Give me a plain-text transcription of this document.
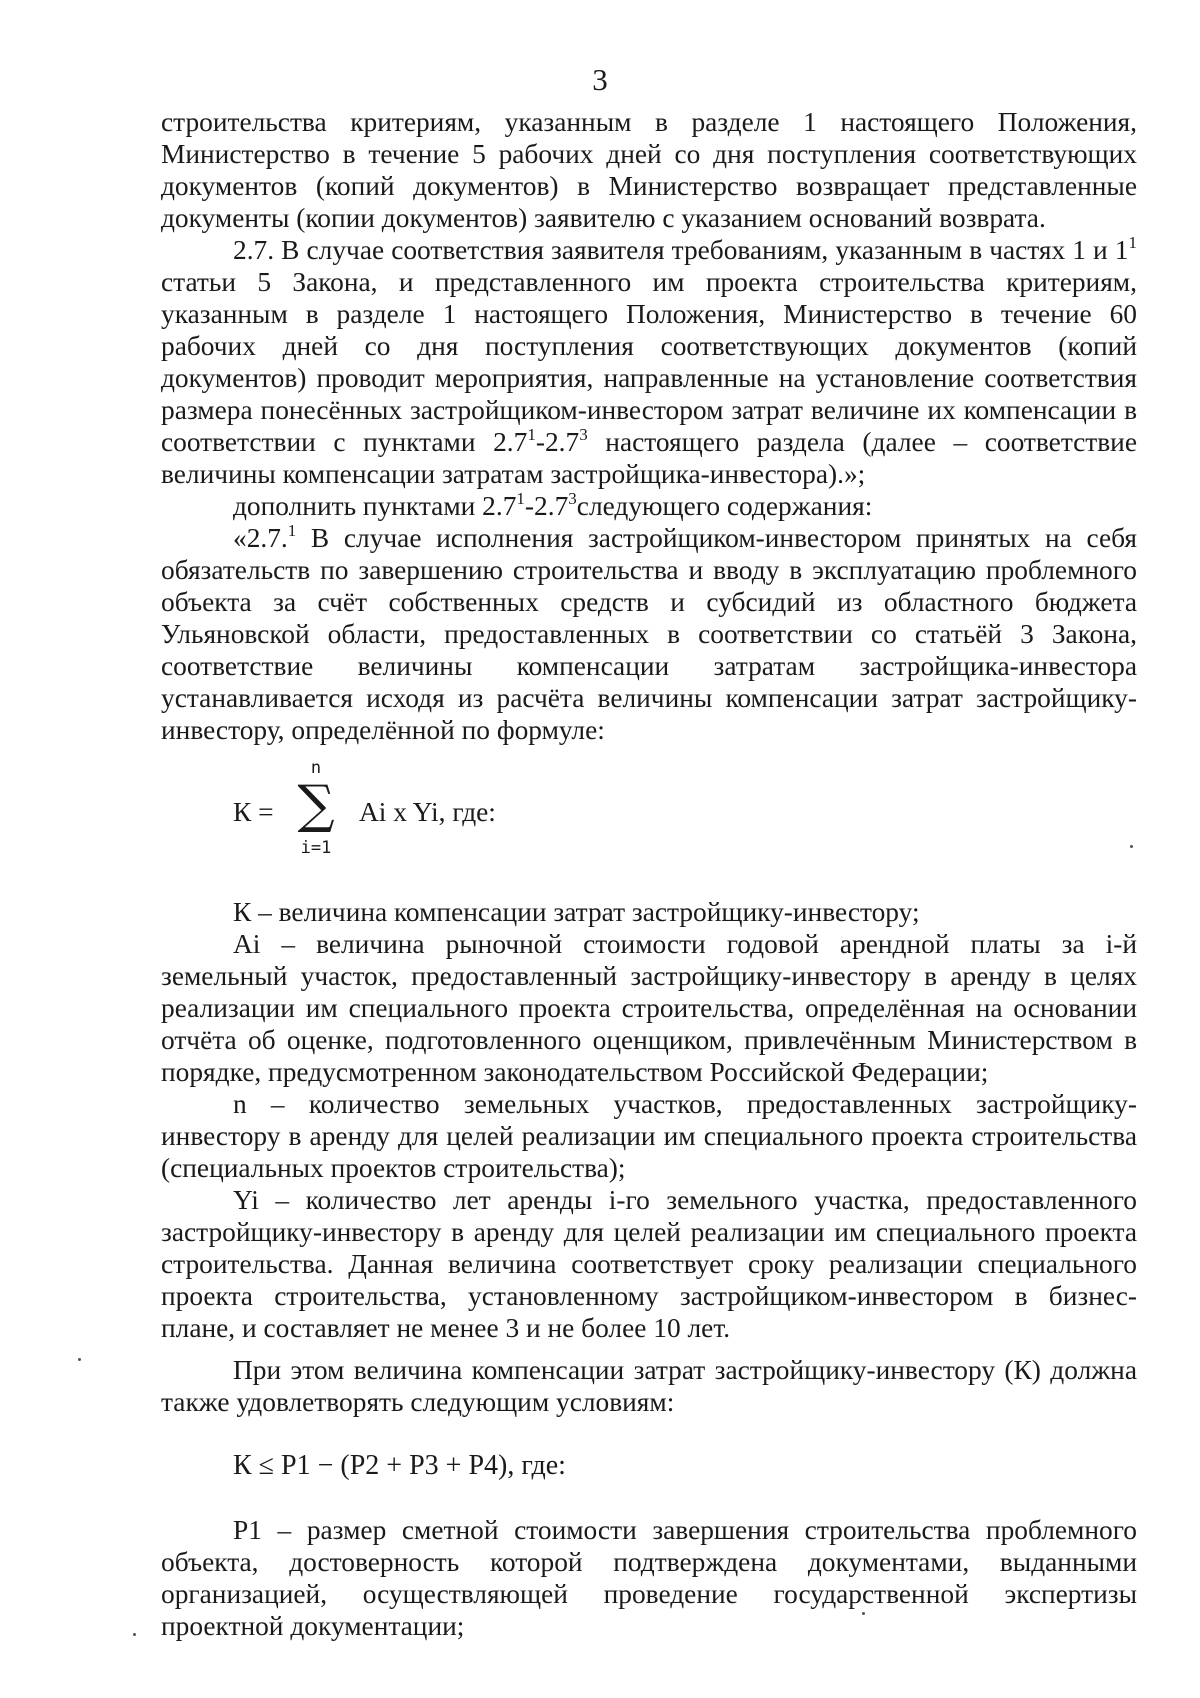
3

строительства критериям, указанным в разделе 1 настоящего Положения, Министерство в течение 5 рабочих дней со дня поступления соответствующих документов (копий документов) в Министерство возвращает представленные документы (копии документов) заявителю с указанием оснований возврата.

2.7. В случае соответствия заявителя требованиям, указанным в частях 1 и $1^1$ статьи 5 Закона, и представленного им проекта строительства критериям, указанным в разделе 1 настоящего Положения, Министерство в течение 60 рабочих дней со дня поступления соответствующих документов (копий документов) проводит мероприятия, направленные на установление соответствия размера понесённых застройщиком-инвестором затрат величине их компенсации в соответствии с пунктами $2.7^1-2.7^3$ настоящего раздела (далее – соответствие величины компенсации затратам застройщика-инвестора).»;

дополнить пунктами $2.7^1-2.7^3следующего$ содержания:

«2.7.$^1$ В случае исполнения застройщиком-инвестором принятых на себя обязательств по завершению строительства и вводу в эксплуатацию проблемного объекта за счёт собственных средств и субсидий из областного бюджета Ульяновской области, предоставленных в соответствии со статьёй 3 Закона, соответствие величины компенсации затратам застройщика-инвестора устанавливается исходя из расчёта величины компенсации затрат застройщику-инвестору, определённой по формуле:

К =
n
∑
i=1
Ai x Yi, где:

К – величина компенсации затрат застройщику-инвестору;

Ai – величина рыночной стоимости годовой арендной платы за i-й земельный участок, предоставленный застройщику-инвестору в аренду в целях реализации им специального проекта строительства, определённая на основании отчёта об оценке, подготовленного оценщиком, привлечённым Министерством в порядке, предусмотренном законодательством Российской Федерации;

n – количество земельных участков, предоставленных застройщику-инвестору в аренду для целей реализации им специального проекта строительства (специальных проектов строительства);

Yi – количество лет аренды i-го земельного участка, предоставленного застройщику-инвестору в аренду для целей реализации им специального проекта строительства. Данная величина соответствует сроку реализации специального проекта строительства, установленному застройщиком-инвестором в бизнес-плане, и составляет не менее 3 и не более 10 лет.

При этом величина компенсации затрат застройщику-инвестору (К) должна также удовлетворять следующим условиям:

К ≤ Р1 − (Р2 + Р3 + Р4), где:

Р1 – размер сметной стоимости завершения строительства проблемного объекта, достоверность которой подтверждена документами, выданными организацией, осуществляющей проведение государственной экспертизы проектной документации;
